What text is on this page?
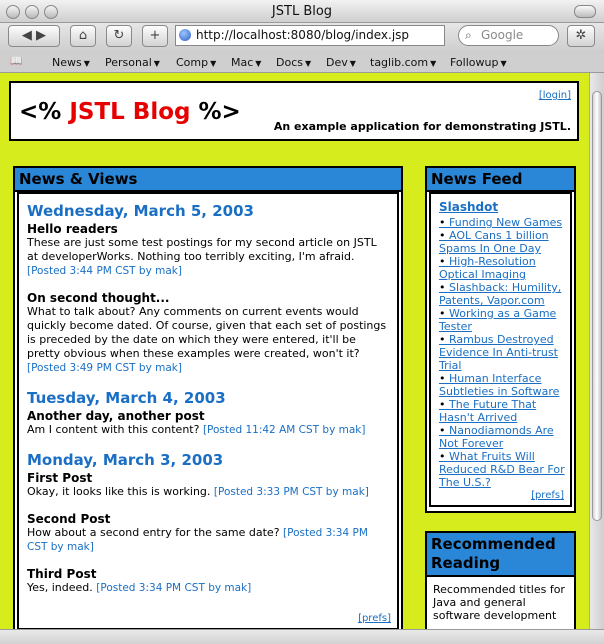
JSTL Blog
◀ ▶	⌂	↻	+	http://localhost:8080/blog/index.jsp	⌕ Google	✲
📖	News ▼ Personal ▼ Comp ▼ Mac ▼ Docs ▼ Dev ▼ taglib.com ▼ Followup ▼
<% JSTL Blog %>
[login]
An example application for demonstrating JSTL.
News & Views
Wednesday, March 5, 2003
Hello readers
These are just some test postings for my second article on JSTL at developerWorks. Nothing too terribly exciting, I'm afraid.
[Posted 3:44 PM CST by mak]
On second thought...
What to talk about? Any comments on current events would quickly become dated. Of course, given that each set of postings is preceded by the date on which they were entered, it'll be pretty obvious when these examples were created, won't it? [Posted 3:49 PM CST by mak]
Tuesday, March 4, 2003
Another day, another post
Am I content with this content? [Posted 11:42 AM CST by mak]
Monday, March 3, 2003
First Post
Okay, it looks like this is working. [Posted 3:33 PM CST by mak]
Second Post
How about a second entry for the same date? [Posted 3:34 PM CST by mak]
Third Post
Yes, indeed. [Posted 3:34 PM CST by mak]
[prefs]
News Feed
Slashdot
• Funding New Games
• AOL Cans 1 billion Spams In One Day
• High-Resolution Optical Imaging
• Slashback: Humility, Patents, Vapor.com
• Working as a Game Tester
• Rambus Destroyed Evidence In Anti-trust Trial
• Human Interface Subtleties in Software
• The Future That Hasn't Arrived
• Nanodiamonds Are Not Forever
• What Fruits Will Reduced R&D Bear For The U.S.?
[prefs]
Recommended Reading
Recommended titles for Java and general software development
